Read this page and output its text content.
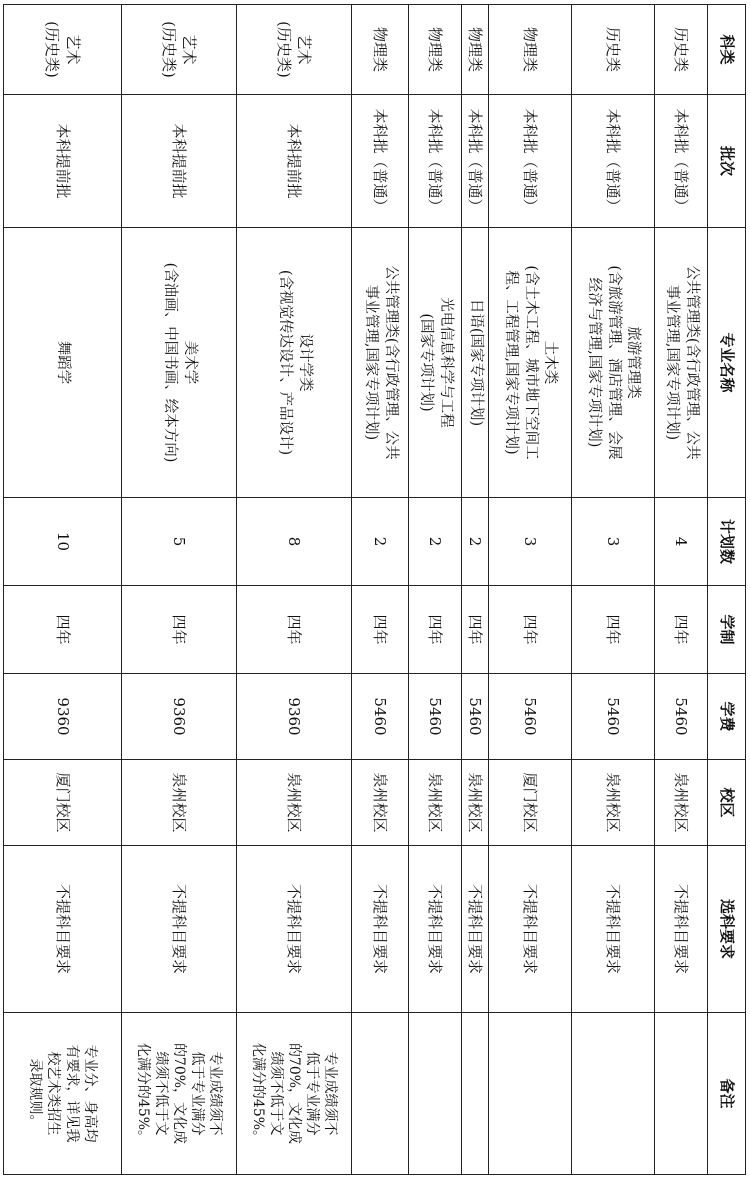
科类	批次	专业名称	计划数	学制	学费	校区	选科要求	备注

历史类	本科批（普通）	公共管理类(含行政管理、公共
事业管理,国家专项计划)	4	四年	5460	泉州校区	不提科目要求	

历史类	本科批（普通）	旅游管理类
(含旅游管理、酒店管理、会展
经济与管理,国家专项计划)	3	四年	5460	泉州校区	不提科目要求	

物理类	本科批（普通）	土木类
(含土木工程、城市地下空间工
程、工程管理,国家专项计划)	3	四年	5460	厦门校区	不提科目要求	

物理类	本科批（普通）	日语(国家专项计划)	2	四年	5460	泉州校区	不提科目要求	

物理类	本科批（普通）	光电信息科学与工程
(国家专项计划)	2	四年	5460	泉州校区	不提科目要求	

物理类	本科批（普通）	公共管理类(含行政管理、公共
事业管理,国家专项计划)	2	四年	5460	泉州校区	不提科目要求	

艺术
(历史类)	本科提前批	设计学类
(含视觉传达设计、产品设计)	8	四年	9360	泉州校区	不提科目要求	专业成绩须不
低于专业满分
的70%，文化成
绩须不低于文
化满分的45%。

艺术
(历史类)	本科提前批	美术学
(含油画、中国书画、绘本方向)	5	四年	9360	泉州校区	不提科目要求	专业成绩须不
低于专业满分
的70%，文化成
绩须不低于文
化满分的45%。

艺术
(历史类)	本科提前批	舞蹈学	10	四年	9360	厦门校区	不提科目要求	专业分、身高均
有要求，详见我
校艺术类招生
录取规则。
